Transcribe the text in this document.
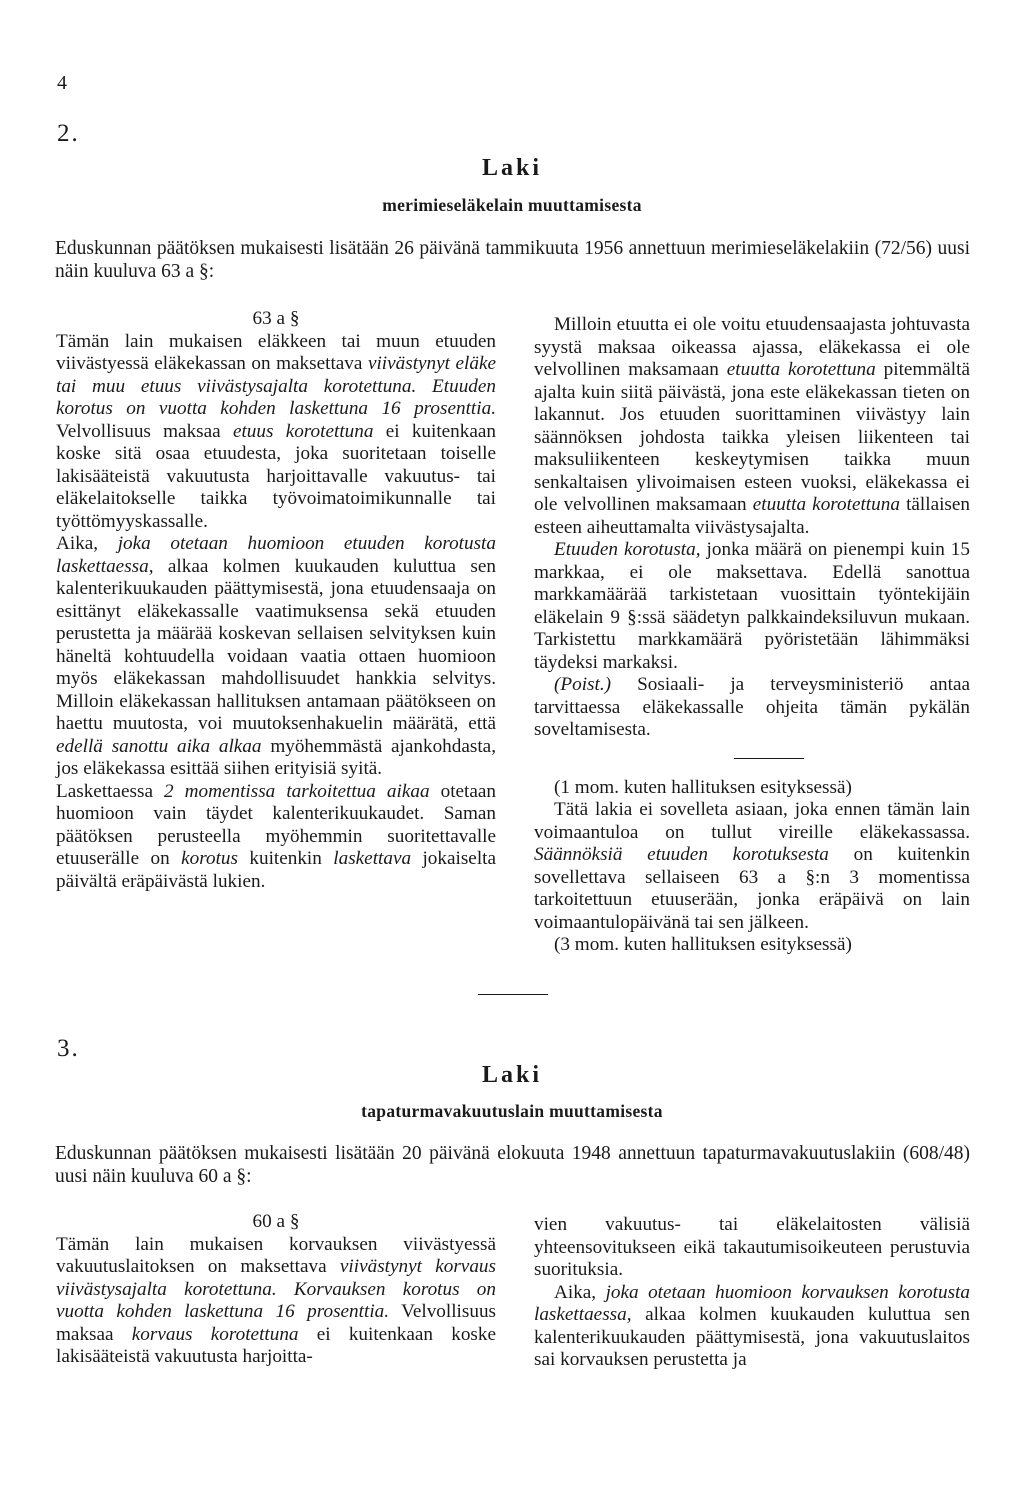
4
2.
Laki
merimieseläkelain muuttamisesta
Eduskunnan päätöksen mukaisesti lisätään 26 päivänä tammikuuta 1956 annettuun merimieseläkelakiin (72/56) uusi näin kuuluva 63 a §:
63 a §

Tämän lain mukaisen eläkkeen tai muun etuuden viivästyessä eläkekassan on maksettava viivästynyt eläke tai muu etuus viivästysajalta korotettuna. Etuuden korotus on vuotta kohden laskettuna 16 prosenttia. Velvollisuus maksaa etuus korotettuna ei kuitenkaan koske sitä osaa etuudesta, joka suoritetaan toiselle lakisääteistä vakuutusta harjoittavalle vakuutus- tai eläkelaitokselle taikka työvoimatoimikunnalle tai työttömyyskassalle.

Aika, joka otetaan huomioon etuuden korotusta laskettaessa, alkaa kolmen kuukauden kuluttua sen kalenterikuukauden päättymisestä, jona etuudensaaja on esittänyt eläkekassalle vaatimuksensa sekä etuuden perustetta ja määrää koskevan sellaisen selvityksen kuin häneltä kohtuudella voidaan vaatia ottaen huomioon myös eläkekassan mahdollisuudet hankkia selvitys. Milloin eläkekassan hallituksen antamaan päätökseen on haettu muutosta, voi muutoksenhakuelin määrätä, että edellä sanottu aika alkaa myöhemmästä ajankohdasta, jos eläkekassa esittää siihen erityisiä syitä.

Laskettaessa 2 momentissa tarkoitettua aikaa otetaan huomioon vain täydet kalenterikuukaudet. Saman päätöksen perusteella myöhemmin suoritettavalle etuuserälle on korotus kuitenkin laskettava jokaiselta päivältä eräpäivästä lukien.

Milloin etuutta ei ole voitu etuudensaajasta johtuvasta syystä maksaa oikeassa ajassa, eläkekassa ei ole velvollinen maksamaan etuutta korotettuna pitemmältä ajalta kuin siitä päivästä, jona este eläkekassan tieten on lakannut. Jos etuuden suorittaminen viivästyy lain säännöksen johdosta taikka yleisen liikenteen tai maksuliikenteen keskeytymisen taikka muun senkaltaisen ylivoimaisen esteen vuoksi, eläkekassa ei ole velvollinen maksamaan etuutta korotettuna tällaisen esteen aiheuttamalta viivästysajalta.

Etuuden korotusta, jonka määrä on pienempi kuin 15 markkaa, ei ole maksettava. Edellä sanottua markkamäärää tarkistetaan vuosittain työntekijäin eläkelain 9 §:ssä säädetyn palkkaindeksiluvun mukaan. Tarkistettu markkamäärä pyöristetään lähimmäksi täydeksi markaksi.

(Poist.) Sosiaali- ja terveysministeriö antaa tarvittaessa eläkekassalle ohjeita tämän pykälän soveltamisesta.

(1 mom. kuten hallituksen esityksessä)

Tätä lakia ei sovelleta asiaan, joka ennen tämän lain voimaantuloa on tullut vireille eläkekassassa. Säännöksiä etuuden korotuksesta on kuitenkin sovellettava sellaiseen 63 a §:n 3 momentissa tarkoitettuun etuuserään, jonka eräpäivä on lain voimaantulopäivänä tai sen jälkeen.

(3 mom. kuten hallituksen esityksessä)

3.
Laki
tapaturmavakuutuslain muuttamisesta
Eduskunnan päätöksen mukaisesti lisätään 20 päivänä elokuuta 1948 annettuun tapaturmavakuutuslakiin (608/48) uusi näin kuuluva 60 a §:
60 a §

Tämän lain mukaisen korvauksen viivästyessä vakuutuslaitoksen on maksettava viivästynyt korvaus viivästysajalta korotettuna. Korvauksen korotus on vuotta kohden laskettuna 16 prosenttia. Velvollisuus maksaa korvaus korotettuna ei kuitenkaan koske lakisääteistä vakuutusta harjoitta-

vien vakuutus- tai eläkelaitosten välisiä yhteensovitukseen eikä takautumisoikeuteen perustuvia suorituksia.

Aika, joka otetaan huomioon korvauksen korotusta laskettaessa, alkaa kolmen kuukauden kuluttua sen kalenterikuukauden päättymisestä, jona vakuutuslaitos sai korvauksen perustetta ja
